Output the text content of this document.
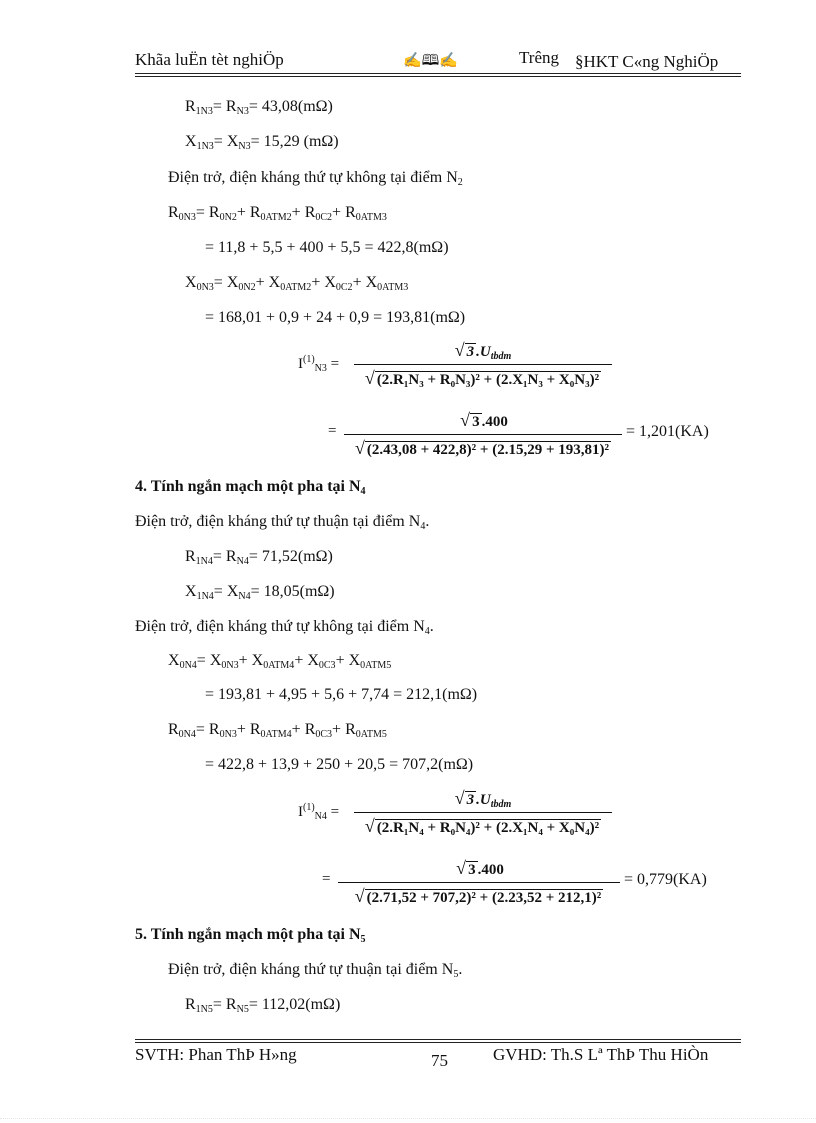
Khãa luËn tèt nghiÖp	✍🕮✍	Trêng §HKT C«ng NghiÖp
$R_{1N3}= R_{N3}= 43,08(m\Omega)$
$X_{1N3}= X_{N3}= 15,29$ (mΩ)
Điện trở, điện kháng thứ tự không tại điểm $N_2$
$R_{0N3}= R_{0N2}+ R_{0ATM2}+ R_{0C2}+ R_{0ATM3}$
= 11,8 + 5,5 + 400 + 5,5 = 422,8(mΩ)
$X_{0N3}= X_{0N2}+ X_{0ATM2}+ X_{0C2}+ X_{0ATM3}$
= 168,01 + 0,9 + 24 + 0,9 = 193,81(mΩ)
$I^{(1)}_{N3}$ =
√ 3 $.U_{tbdm}$
√ (2.R₁N₃ + R₀N₃)² + (2.X₁N₃ + X₀N₃)²
=
√ 3 .400
√ (2.43,08 + 422,8)² + (2.15,29 + 193,81)²
= 1,201(KA)
4. Tính ngắn mạch một pha tại $N_4$
Điện trở, điện kháng thứ tự thuận tại điểm $N_4$.
$R_{1N4}= R_{N4}= 71,52(m\Omega)$
$X_{1N4}= X_{N4}= 18,05(m\Omega)$
Điện trở, điện kháng thứ tự không tại điểm $N_4$.
$X_{0N4}= X_{0N3}+ X_{0ATM4}+ X_{0C3}+ X_{0ATM5}$
= 193,81 + 4,95 + 5,6 + 7,74 = 212,1(mΩ)
$R_{0N4}= R_{0N3}+ R_{0ATM4}+ R_{0C3}+ R_{0ATM5}$
= 422,8 + 13,9 + 250 + 20,5 = 707,2(mΩ)
$I^{(1)}_{N4}$ =
√ 3 $.U_{tbdm}$
√ (2.R₁N₄ + R₀N₄)² + (2.X₁N₄ + X₀N₄)²
=
√ 3 .400
√ (2.71,52 + 707,2)² + (2.23,52 + 212,1)²
= 0,779(KA)
5. Tính ngắn mạch một pha tại $N_5$
Điện trở, điện kháng thứ tự thuận tại điểm $N_5$.
$R_{1N5}= R_{N5}= 112,02(m\Omega)$
SVTH: Phan ThÞ H»ng	75	GVHD: Th.S Lª ThÞ Thu HiÒn
